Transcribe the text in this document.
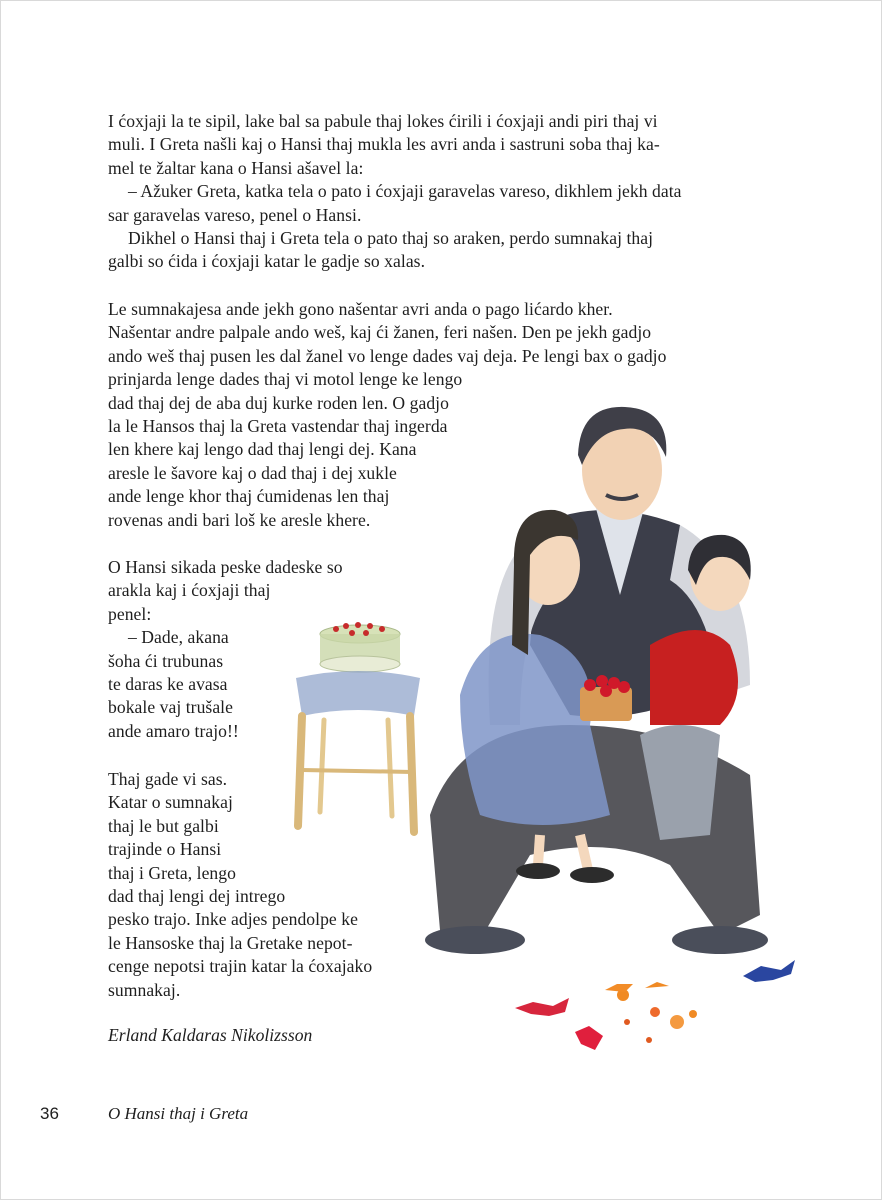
I ćoxjaji la te sipil, lake bal sa pabule thaj lokes ćirili i ćoxjaji andi piri thaj vi
muli. I Greta našli kaj o Hansi thaj mukla les avri anda i sastruni soba thaj ka-
mel te žaltar kana o Hansi ašavel la:
– Ažuker Greta, katka tela o pato i ćoxjaji garavelas vareso, dikhlem jekh data
sar garavelas vareso, penel o Hansi.
Dikhel o Hansi thaj i Greta tela o pato thaj so araken, perdo sumnakaj thaj
galbi so ćida i ćoxjaji katar le gadje so xalas.
Le sumnakajesa ande jekh gono našentar avri anda o pago lićardo kher.
Našentar andre palpale ando weš, kaj ći žanen, feri našen. Den pe jekh gadjo
ando weš thaj pusen les dal žanel vo lenge dades vaj deja. Pe lengi bax o gadjo
prinjarda lenge dades thaj vi motol lenge ke lengo
dad thaj dej de aba duj kurke roden len. O gadjo
la le Hansos thaj la Greta vastendar thaj ingerda
len khere kaj lengo dad thaj lengi dej. Kana
aresle le šavore kaj o dad thaj i dej xukle
ande lenge khor thaj ćumidenas len thaj
rovenas andi bari loš ke aresle khere.
O Hansi sikada peske dadeske so
arakla kaj i ćoxjaji thaj
penel:
– Dade, akana
šoha ći trubunas
te daras ke avasa
bokale vaj trušale
ande amaro trajo!!
Thaj gade vi sas.
Katar o sumnakaj
thaj le but galbi
trajinde o Hansi
thaj i Greta, lengo
dad thaj lengi dej intrego
pesko trajo. Inke adjes pendolpe ke
le Hansoske thaj la Gretake nepot-
cenge nepotsi trajin katar la ćoxajako
sumnakaj.
Erland Kaldaras Nikolizsson
36	O Hansi thaj i Greta
